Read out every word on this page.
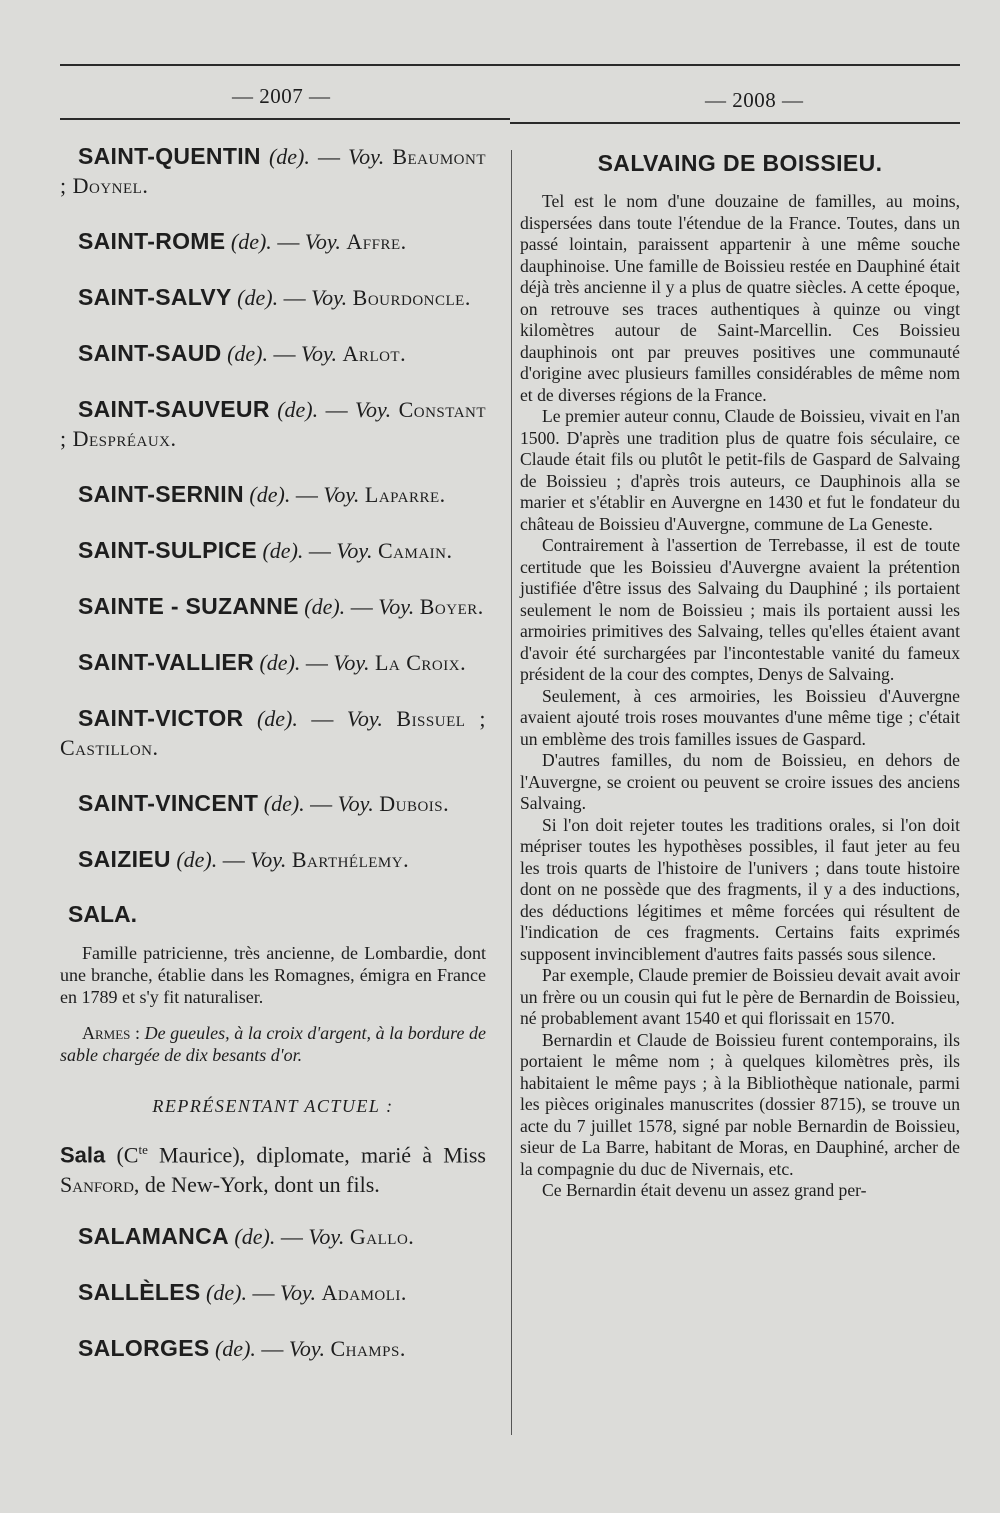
— 2007 —	— 2008 —
SAINT-QUENTIN (de). — Voy. Beaumont ; Doynel.
SAINT-ROME (de). — Voy. Affre.
SAINT-SALVY (de). — Voy. Bourdoncle.
SAINT-SAUD (de). — Voy. Arlot.
SAINT-SAUVEUR (de). — Voy. Constant ; Despréaux.
SAINT-SERNIN (de). — Voy. Laparre.
SAINT-SULPICE (de). — Voy. Camain.
SAINTE - SUZANNE (de). — Voy. Boyer.
SAINT-VALLIER (de). — Voy. La Croix.
SAINT-VICTOR (de). — Voy. Bissuel ; Castillon.
SAINT-VINCENT (de). — Voy. Dubois.
SAIZIEU (de). — Voy. Barthélemy.
SALA.

Famille patricienne, très ancienne, de Lombardie, dont une branche, établie dans les Romagnes, émigra en France en 1789 et s'y fit naturaliser.

Armes : De gueules, à la croix d'argent, à la bordure de sable chargée de dix besants d'or.
REPRÉSENTANT ACTUEL :
Sala ($C^{te}$ Maurice), diplomate, marié à Miss Sanford, de New-York, dont un fils.
SALAMANCA (de). — Voy. Gallo.
SALLÈLES (de). — Voy. Adamoli.
SALORGES (de). — Voy. Champs.
SALVAING DE BOISSIEU.

Tel est le nom d'une douzaine de familles, au moins, dispersées dans toute l'étendue de la France. Toutes, dans un passé lointain, paraissent appartenir à une même souche dauphinoise. Une famille de Boissieu restée en Dauphiné était déjà très ancienne il y a plus de quatre siècles. A cette époque, on retrouve ses traces authentiques à quinze ou vingt kilomètres autour de Saint-Marcellin. Ces Boissieu dauphinois ont par preuves positives une communauté d'origine avec plusieurs familles considérables de même nom et de diverses régions de la France.

Le premier auteur connu, Claude de Boissieu, vivait en l'an 1500. D'après une tradition plus de quatre fois séculaire, ce Claude était fils ou plutôt le petit-fils de Gaspard de Salvaing de Boissieu ; d'après trois auteurs, ce Dauphinois alla se marier et s'établir en Auvergne en 1430 et fut le fondateur du château de Boissieu d'Auvergne, commune de La Geneste.

Contrairement à l'assertion de Terrebasse, il est de toute certitude que les Boissieu d'Auvergne avaient la prétention justifiée d'être issus des Salvaing du Dauphiné ; ils portaient seulement le nom de Boissieu ; mais ils portaient aussi les armoiries primitives des Salvaing, telles qu'elles étaient avant d'avoir été surchargées par l'incontestable vanité du fameux président de la cour des comptes, Denys de Salvaing.

Seulement, à ces armoiries, les Boissieu d'Auvergne avaient ajouté trois roses mouvantes d'une même tige ; c'était un emblème des trois familles issues de Gaspard.

D'autres familles, du nom de Boissieu, en dehors de l'Auvergne, se croient ou peuvent se croire issues des anciens Salvaing.

Si l'on doit rejeter toutes les traditions orales, si l'on doit mépriser toutes les hypothèses possibles, il faut jeter au feu les trois quarts de l'histoire de l'univers ; dans toute histoire dont on ne possède que des fragments, il y a des inductions, des déductions légitimes et même forcées qui résultent de l'indication de ces fragments. Certains faits exprimés supposent invinciblement d'autres faits passés sous silence.

Par exemple, Claude premier de Boissieu devait avait avoir un frère ou un cousin qui fut le père de Bernardin de Boissieu, né probablement avant 1540 et qui florissait en 1570.

Bernardin et Claude de Boissieu furent contemporains, ils portaient le même nom ; à quelques kilomètres près, ils habitaient le même pays ; à la Bibliothèque nationale, parmi les pièces originales manuscrites (dossier 8715), se trouve un acte du 7 juillet 1578, signé par noble Bernardin de Boissieu, sieur de La Barre, habitant de Moras, en Dauphiné, archer de la compagnie du duc de Nivernais, etc.

Ce Bernardin était devenu un assez grand per-
